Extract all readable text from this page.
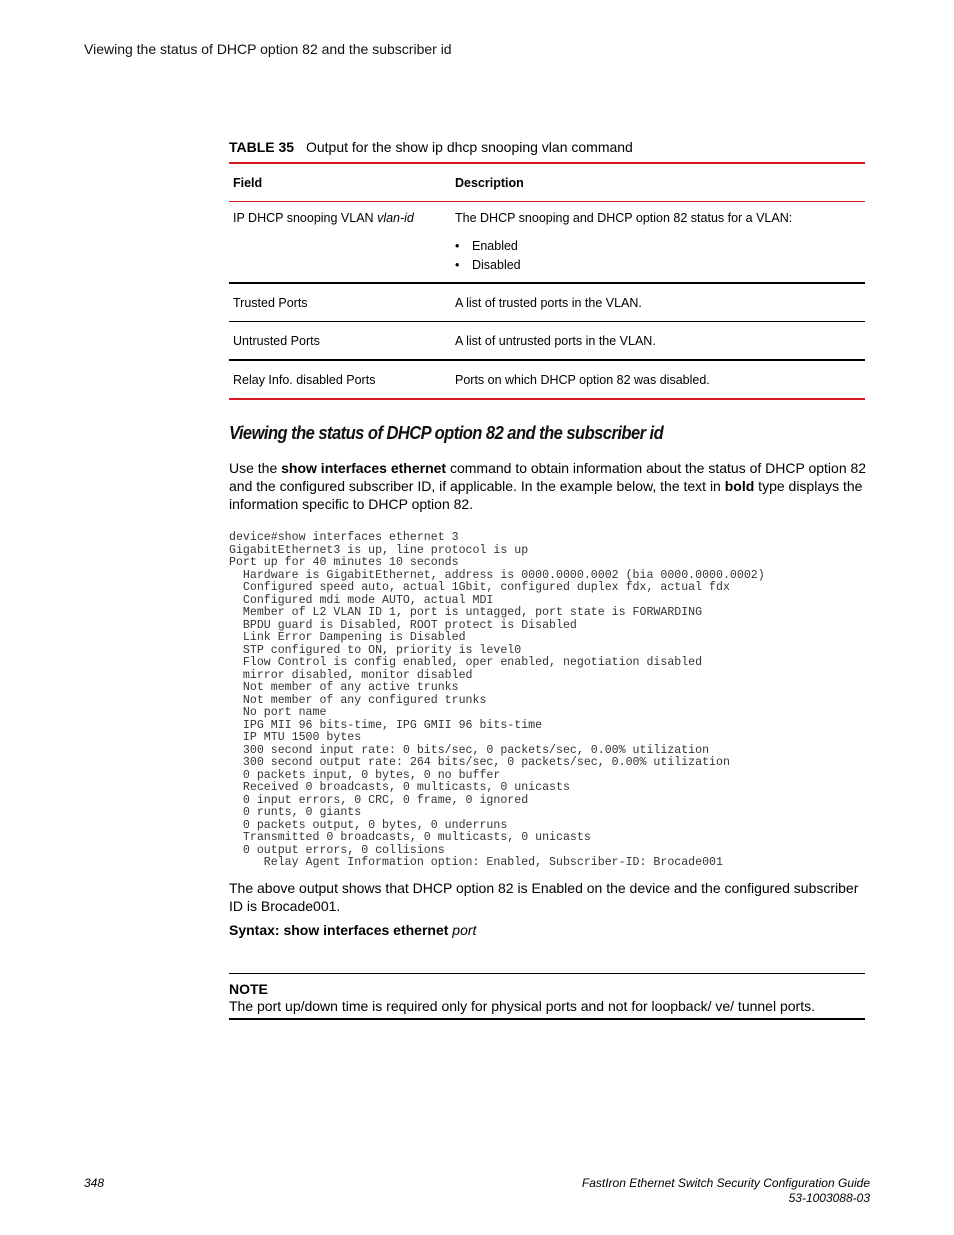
Viewing the status of DHCP option 82 and the subscriber id
TABLE 35 Output for the show ip dhcp snooping vlan command
Field	Description
IP DHCP snooping VLAN vlan-id	The DHCP snooping and DHCP option 82 status for a VLAN:
• Enabled
• Disabled
Trusted Ports	A list of trusted ports in the VLAN.
Untrusted Ports	A list of untrusted ports in the VLAN.
Relay Info. disabled Ports	Ports on which DHCP option 82 was disabled.
Viewing the status of DHCP option 82 and the subscriber id
Use the show interfaces ethernet command to obtain information about the status of DHCP option 82 and the configured subscriber ID, if applicable. In the example below, the text in bold type displays the information specific to DHCP option 82.
device#show interfaces ethernet 3
GigabitEthernet3 is up, line protocol is up
Port up for 40 minutes 10 seconds
Hardware is GigabitEthernet, address is 0000.0000.0002 (bia 0000.0000.0002)
Configured speed auto, actual 1Gbit, configured duplex fdx, actual fdx
Configured mdi mode AUTO, actual MDI
Member of L2 VLAN ID 1, port is untagged, port state is FORWARDING
BPDU guard is Disabled, ROOT protect is Disabled
Link Error Dampening is Disabled
STP configured to ON, priority is level0
Flow Control is config enabled, oper enabled, negotiation disabled
mirror disabled, monitor disabled
Not member of any active trunks
Not member of any configured trunks
No port name
IPG MII 96 bits-time, IPG GMII 96 bits-time
IP MTU 1500 bytes
300 second input rate: 0 bits/sec, 0 packets/sec, 0.00% utilization
300 second output rate: 264 bits/sec, 0 packets/sec, 0.00% utilization
0 packets input, 0 bytes, 0 no buffer
Received 0 broadcasts, 0 multicasts, 0 unicasts
0 input errors, 0 CRC, 0 frame, 0 ignored
0 runts, 0 giants
0 packets output, 0 bytes, 0 underruns
Transmitted 0 broadcasts, 0 multicasts, 0 unicasts
0 output errors, 0 collisions
Relay Agent Information option: Enabled, Subscriber-ID: Brocade001
The above output shows that DHCP option 82 is Enabled on the device and the configured subscriber ID is Brocade001.
Syntax: show interfaces ethernet port
NOTE
The port up/down time is required only for physical ports and not for loopback/ ve/ tunnel ports.
348	FastIron Ethernet Switch Security Configuration Guide
53-1003088-03
